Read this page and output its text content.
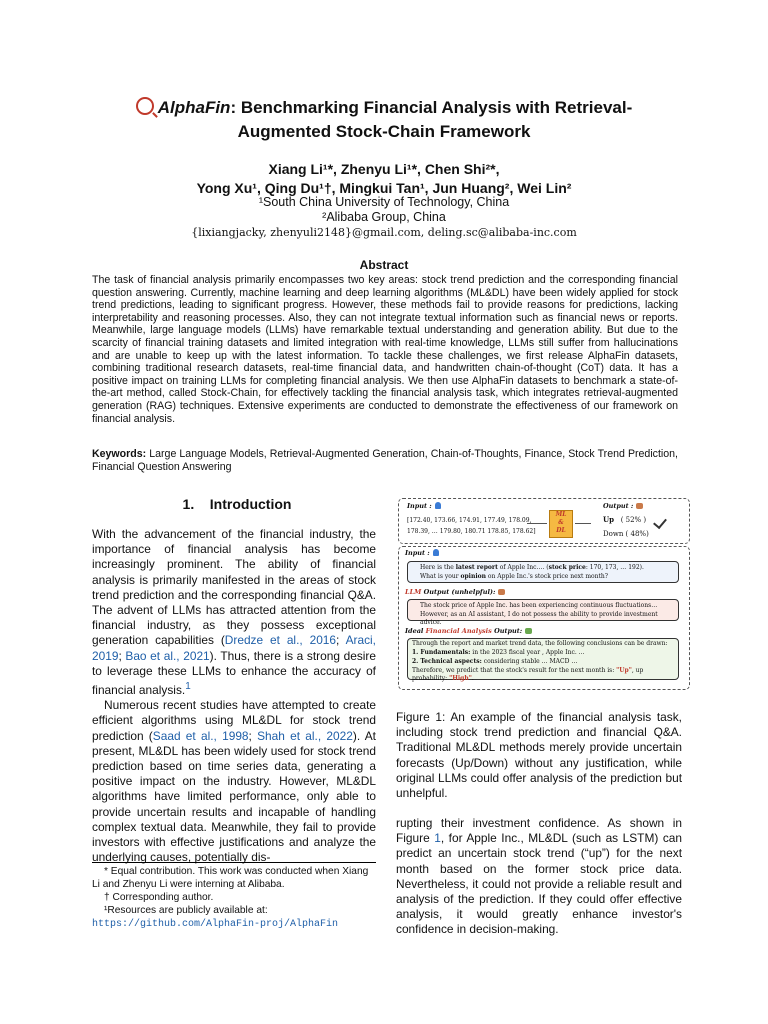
AlphaFin: Benchmarking Financial Analysis with Retrieval-
Augmented Stock-Chain Framework
Xiang Li¹*, Zhenyu Li¹*, Chen Shi²*,
Yong Xu¹, Qing Du¹†, Mingkui Tan¹, Jun Huang², Wei Lin²
¹South China University of Technology, China
²Alibaba Group, China
{lixiangjacky, zhenyuli2148}@gmail.com, deling.sc@alibaba-inc.com
Abstract
The task of financial analysis primarily encompasses two key areas: stock trend prediction and the corresponding financial question answering. Currently, machine learning and deep learning algorithms (ML&DL) have been widely applied for stock trend predictions, leading to significant progress. However, these methods fail to provide reasons for predictions, lacking interpretability and reasoning processes. Also, they can not integrate textual information such as financial news or reports. Meanwhile, large language models (LLMs) have remarkable textual understanding and generation ability. But due to the scarcity of financial training datasets and limited integration with real-time knowledge, LLMs still suffer from hallucinations and are unable to keep up with the latest information. To tackle these challenges, we first release AlphaFin datasets, combining traditional research datasets, real-time financial data, and handwritten chain-of-thought (CoT) data. It has a positive impact on training LLMs for completing financial analysis. We then use AlphaFin datasets to benchmark a state-of-the-art method, called Stock-Chain, for effectively tackling the financial analysis task, which integrates retrieval-augmented generation (RAG) techniques. Extensive experiments are conducted to demonstrate the effectiveness of our framework on financial analysis.
Keywords: Large Language Models, Retrieval-Augmented Generation, Chain-of-Thoughts, Finance, Stock Trend Prediction, Financial Question Answering
1. Introduction

With the advancement of the financial industry, the importance of financial analysis has become increasingly prominent. The ability of financial analysis is primarily manifested in the areas of stock trend prediction and the corresponding financial Q&A. The advent of LLMs has attracted attention from the financial industry, as they possess exceptional generation capabilities (Dredze et al., 2016; Araci, 2019; Bao et al., 2021). Thus, there is a strong desire to leverage these LLMs to enhance the accuracy of financial analysis.$^1$

Numerous recent studies have attempted to create efficient algorithms using ML&DL for stock trend prediction (Saad et al., 1998; Shah et al., 2022). At present, ML&DL has been widely used for stock trend prediction based on time series data, generating a positive impact on the industry. However, ML&DL algorithms have limited performance, only able to provide uncertain results and incapable of handling complex textual data. Meanwhile, they fail to provide investors with effective justifications and analyze the underlying causes, potentially dis-

* Equal contribution. This work was conducted when Xiang Li and Zhenyu Li were interning at Alibaba.
† Corresponding author.
¹Resources are publicly available at: https://github.com/AlphaFin-proj/AlphaFin
Input :
[172.40, 173.66, 174.91, 177.49, 178.09,
178.39, … 179.80, 180.71 178.85, 178.62]
ML
&
DL
Output :
Up ( 52% )
Down ( 48%)
Input :
Here is the latest report of Apple Inc.… (stock price: 170, 173, … 192).
What is your opinion on Apple Inc.'s stock price next month?
LLM Output (unhelpful):
The stock price of Apple Inc. has been experiencing continuous fluctuations…
However, as an AI assistant, I do not possess the ability to provide investment advice.
Ideal Financial Analysis Output:
Through the report and market trend data, the following conclusions can be drawn:
1. Fundamentals: in the 2023 fiscal year , Apple Inc. …
2. Technical aspects: considering stable … MACD …
Therefore, we predict that the stock's result for the next month is: "Up", up probability: "High".
Figure 1: An example of the financial analysis task, including stock trend prediction and financial Q&A. Traditional ML&DL methods merely provide uncertain forecasts (Up/Down) without any justification, while original LLMs could offer analysis of the prediction but unhelpful.
rupting their investment confidence. As shown in Figure 1, for Apple Inc., ML&DL (such as LSTM) can predict an uncertain stock trend (“up”) for the next month based on the former stock price data. Nevertheless, it could not provide a reliable result and analysis of the prediction. If they could offer effective analysis, it would greatly enhance investor's confidence in decision-making.
